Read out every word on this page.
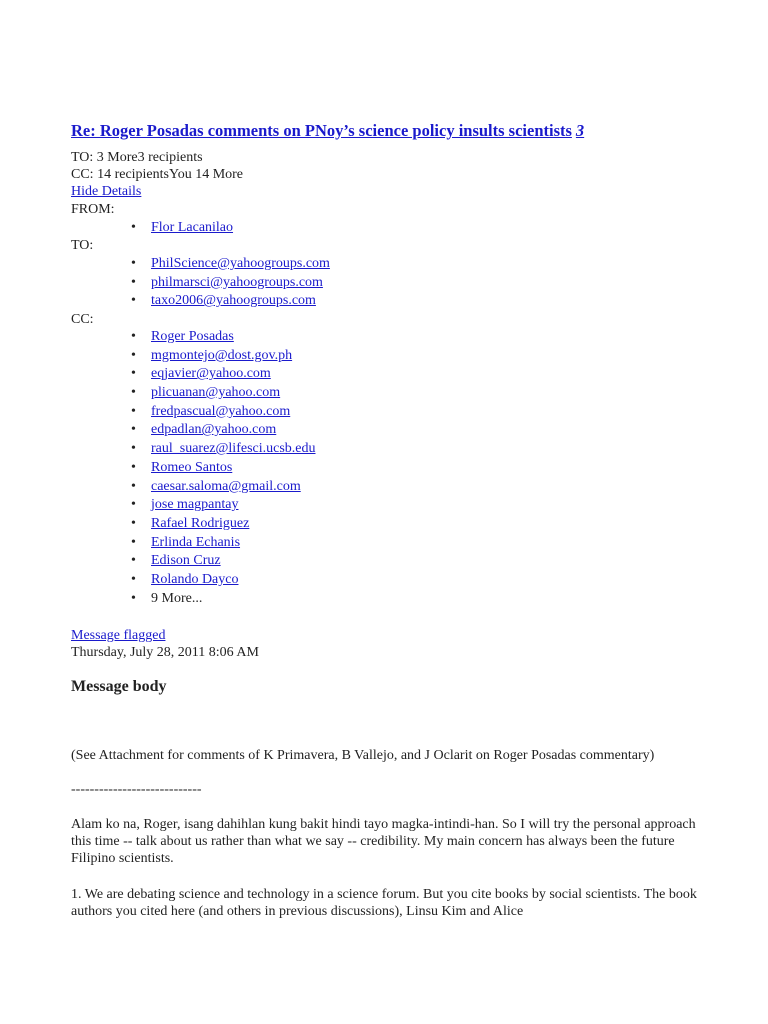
Re: Roger Posadas comments on PNoy’s science policy insults scientists 3
TO: 3 More3 recipients
CC: 14 recipientsYou 14 More
Hide Details
FROM:
• Flor Lacanilao
TO:
• PhilScience@yahoogroups.com
• philmarsci@yahoogroups.com
• taxo2006@yahoogroups.com
CC:
• Roger Posadas
• mgmontejo@dost.gov.ph
• eqjavier@yahoo.com
• plicuanan@yahoo.com
• fredpascual@yahoo.com
• edpadlan@yahoo.com
• raul_suarez@lifesci.ucsb.edu
• Romeo Santos
• caesar.saloma@gmail.com
• jose magpantay
• Rafael Rodriguez
• Erlinda Echanis
• Edison Cruz
• Rolando Dayco
• 9 More...
Message flagged
Thursday, July 28, 2011 8:06 AM
Message body
(See Attachment for comments of K Primavera, B Vallejo, and J Oclarit on Roger Posadas commentary)
----------------------------
Alam ko na, Roger, isang dahihlan kung bakit hindi tayo magka-intindi-han. So I will try the personal approach this time -- talk about us rather than what we say -- credibility. My main concern has always been the future Filipino scientists.
1. We are debating science and technology in a science forum. But you cite books by social scientists. The book authors you cited here (and others in previous discussions), Linsu Kim and Alice
